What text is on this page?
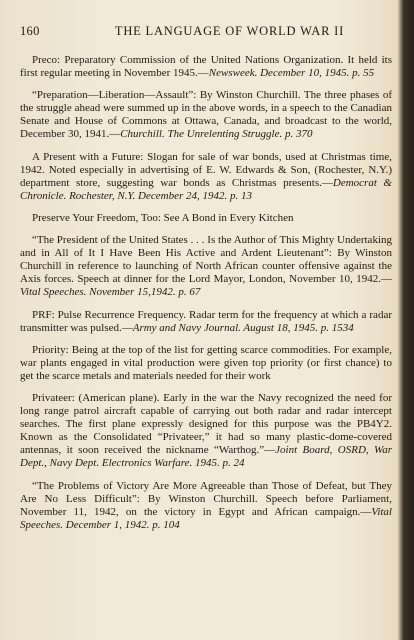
160	THE LANGUAGE OF WORLD WAR II

Preco: Preparatory Commission of the United Nations Organization. It held its first regular meeting in November 1945.—Newsweek. December 10, 1945. p. 55

“Preparation—Liberation—Assault”: By Winston Churchill. The three phases of the struggle ahead were summed up in the above words, in a speech to the Canadian Senate and House of Commons at Ottawa, Canada, and broadcast to the world, December 30, 1941.—Churchill. The Unrelenting Struggle. p. 370

A Present with a Future: Slogan for sale of war bonds, used at Christmas time, 1942. Noted especially in advertising of E. W. Edwards & Son, (Rochester, N.Y.) department store, suggesting war bonds as Christmas presents.—Democrat & Chronicle. Rochester, N.Y. December 24, 1942. p. 13

Preserve Your Freedom, Too: See A Bond in Every Kitchen

“The President of the United States . . . Is the Author of This Mighty Undertaking and in All of It I Have Been His Active and Ardent Lieutenant”: By Winston Churchill in reference to launching of North African counter offensive against the Axis forces. Speech at dinner for the Lord Mayor, London, November 10, 1942.—Vital Speeches. November 15,1942. p. 67

PRF: Pulse Recurrence Frequency. Radar term for the frequency at which a radar transmitter was pulsed.—Army and Navy Journal. August 18, 1945. p. 1534

Priority: Being at the top of the list for getting scarce commodities. For example, war plants engaged in vital production were given top priority (or first chance) to get the scarce metals and materials needed for their work

Privateer: (American plane). Early in the war the Navy recognized the need for long range patrol aircraft capable of carrying out both radar and radar intercept searches. The first plane expressly designed for this purpose was the PB4Y2. Known as the Consolidated “Privateer,” it had so many plastic-dome-covered antennas, it soon received the nickname “Warthog.”—Joint Board, OSRD, War Dept., Navy Dept. Electronics Warfare. 1945. p. 24

“The Problems of Victory Are More Agreeable than Those of Defeat, but They Are No Less Difficult”: By Winston Churchill. Speech before Parliament, November 11, 1942, on the victory in Egypt and African campaign.—Vital Speeches. December 1, 1942. p. 104
